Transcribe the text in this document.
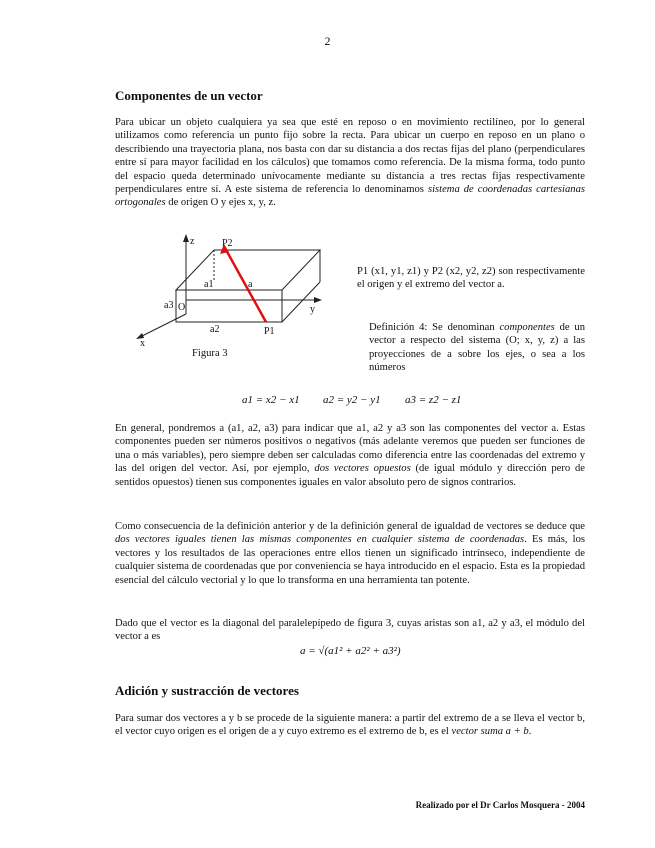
2
Componentes de un vector

Para ubicar un objeto cualquiera ya sea que esté en reposo o en movimiento rectilíneo, por lo general utilizamos como referencia un punto fijo sobre la recta. Para ubicar un cuerpo en reposo en un plano o describiendo una trayectoria plana, nos basta con dar su distancia a dos rectas fijas del plano (perpendiculares entre sí para mayor facilidad en los cálculos) que tomamos como referencia. De la misma forma, todo punto del espacio queda determinado unívocamente mediante su distancia a tres rectas fijas respectivamente perpendiculares entre sí. A este sistema de referencia lo denominamos sistema de coordenadas cartesianas ortogonales de origen O y ejes x, y, z.

z
y
x
O
P2
P1
a
a1
a2
a3
Figura 3

P1 (x1, y1, z1) y P2 (x2, y2, z2) son respectivamente el origen y el extremo del vector a.

Definición 4: Se denominan componentes de un vector a respecto del sistema (O; x, y, z) a las proyecciones de a sobre los ejes, o sea a los números

a1 = x2 − x1 a2 = y2 − y1 a3 = z2 − z1

En general, pondremos a (a1, a2, a3) para indicar que a1, a2 y a3 son las componentes del vector a. Estas componentes pueden ser números positivos o negativos (más adelante veremos que pueden ser funciones de una o más variables), pero siempre deben ser calculadas como diferencia entre las coordenadas del extremo y las del origen del vector. Así, por ejemplo, dos vectores opuestos (de igual módulo y dirección pero de sentidos opuestos) tienen sus componentes iguales en valor absoluto pero de signos contrarios.

Como consecuencia de la definición anterior y de la definición general de igualdad de vectores se deduce que dos vectores iguales tienen las mismas componentes en cualquier sistema de coordenadas. Es más, los vectores y los resultados de las operaciones entre ellos tienen un significado intrínseco, independiente de cualquier sistema de coordenadas que por conveniencia se haya introducido en el espacio. Esta es la propiedad esencial del cálculo vectorial y lo que lo transforma en una herramienta tan potente.

Dado que el vector es la diagonal del paralelepípedo de figura 3, cuyas aristas son a1, a2 y a3, el módulo del vector a es

a = √(a1² + a2² + a3²)
Adición y sustracción de vectores

Para sumar dos vectores a y b se procede de la siguiente manera: a partir del extremo de a se lleva el vector b, el vector cuyo origen es el origen de a y cuyo extremo es el extremo de b, es el vector suma a + b.

Realizado por el Dr Carlos Mosquera - 2004
